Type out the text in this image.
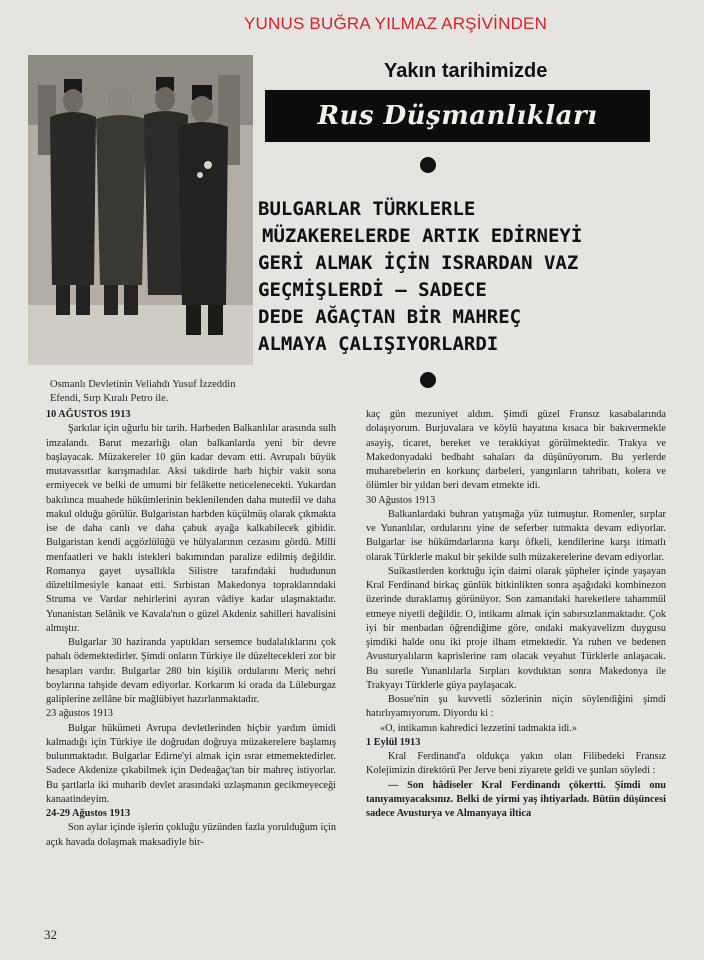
YUNUS BUĞRA YILMAZ ARŞİVİNDEN
Osmanlı Devletinin Veliahdı Yusuf İzzeddin Efendi, Sırp Kıralı Petro ile.
Yakın tarihimizde
Rus Düşmanlıkları
BULGARLAR TÜRKLERLE
MÜZAKERELERDE ARTIK EDİRNEYİ
GERİ ALMAK İÇİN ISRARDAN VAZ
GEÇMİŞLERDİ – SADECE
DEDE AĞAÇTAN BİR MAHREÇ
ALMAYA ÇALIŞIYORLARDI

10 AĞUSTOS 1913

Şarkılar için uğurlu bir tarih. Harbeden Balkanlılar arasında sulh imzalandı. Barut mezarlığı olan balkanlarda yeni bir devre başlayacak. Müzakereler 10 gün kadar devam etti. Avrupalı büyük mutavassıtlar karışmadılar. Aksi takdirde harb hiçbir vakit sona ermiyecek ve belki de umumi bir felâkette neticelenecekti. Yukardan bakılınca muahede hükümlerinin beklenilenden daha mutedil ve daha makul olduğu görülür. Bulgaristan harbden küçülmüş olarak çıkmakta ise de daha canlı ve daha çabuk ayağa kalkabilecek gibidir. Bulgaristan kendi açgözlülüğü ve hülyalarının cezasını gördü. Milli menfaatleri ve haklı istekleri bakımından paralize edilmiş değildir. Romanya gayet uysallıkla Silistre tarafındaki hududunun düzeltilmesiyle kanaat etti. Sırbistan Makedonya topraklarındaki Struma ve Vardar nehirlerini ayıran vâdiye kadar ulaşmaktadır. Yunanistan Selânik ve Kavala'nın o güzel Akdeniz sahilleri havalisini almıştır.

Bulgarlar 30 haziranda yaptıkları sersemce budalalıklarını çok pahalı ödemektedirler. Şimdi onların Türkiye ile düzeltecekleri zor bir hesapları vardır. Bulgarlar 280 bin kişilik ordularını Meriç nehri boylarına tahşide devam ediyorlar. Korkarım ki orada da Lüleburgaz galiplerine zellâne bir mağlübiyet hazırlanmaktadır.

23 ağustos 1913

Bulgar hükümeti Avrupa devletlerinden hiçbir yardım ümidi kalmadığı için Türkiye ile doğrudan doğruya müzakerelere başlamış bulunmaktadır. Bulgarlar Edirne'yi almak için ısrar etmemektedirler. Sadece Akdenize çıkabilmek için Dedeağaç'tan bir mahreç istiyorlar. Bu şartlarla iki muharib devlet arasındaki uzlaşmanın gecikmeyeceği kanaatindeyim.

24-29 Ağustos 1913

Son aylar içinde işlerin çokluğu yüzünden fazla yorulduğum için açık havada dolaşmak maksadiyle bir-

kaç gün mezuniyet aldım. Şimdi güzel Fransız kasabalarında dolaşıyorum. Burjuvalara ve köylü hayatına kısaca bir bakıvermekle asayiş, ticaret, bereket ve terakkiyat görülmektedir. Trakya ve Makedonyadaki bedbaht sahaları da düşünüyorum. Bu yerlerde muharebelerin en korkunç darbeleri, yangınların tahribatı, kolera ve ölümler bir yıldan beri devam etmekte idi.

30 Ağustos 1913

Balkanlardaki buhran yatışmağa yüz tutmuştur. Romenler, sırplar ve Yunanlılar, ordularını yine de seferber tutmakta devam ediyorlar. Bulgarlar ise hükümdarlarına karşı öfkeli, kendilerine karşı itimatlı olarak Türklerle makul bir şekilde sulh müzakerelerine devam ediyorlar.

Suikastlerden korktuğu için daimi olarak şüpheler içinde yaşayan Kral Ferdinand birkaç günlük bitkinlikten sonra aşağıdaki kombinezon üzerinde duraklamış görünüyor. Son zamandaki hareketlere tahammül etmeye niyetli değildir. O, intikamı almak için sabırsızlanmaktadır. Çok iyi bir menbadan öğrendiğime göre, ondaki makyavelizm duygusu şimdiki halde onu iki proje ilham etmektedir. Ya ruhen ve bedenen Avusturyalıların kaprislerine ram olacak veyahut Türklerle anlaşacak. Bu suretle Yunanlılarla Sırpları kovduktan sonra Makedonya ile Trakyayı Türklerle güya paylaşacak.

Bosue'nin şu kuvvetli sözlerinin niçin söylendiğini şimdi hatırlıyamıyorum. Diyordu ki :

«O, intikamın kahredici lezzetini tadmakta idi.»

1 Eylül 1913

Kral Ferdinand'a oldukça yakın olan Filibedeki Fransız Kolejimizin direktörü Per Jerve beni ziyarete geldi ve şunları söyledi :

— Son hâdiseler Kral Ferdinandı çökertti. Şimdi onu tanıyamıyacaksınız. Belki de yirmi yaş ihtiyarladı. Bütün düşüncesi sadece Avusturya ve Almanyaya iltica

32
